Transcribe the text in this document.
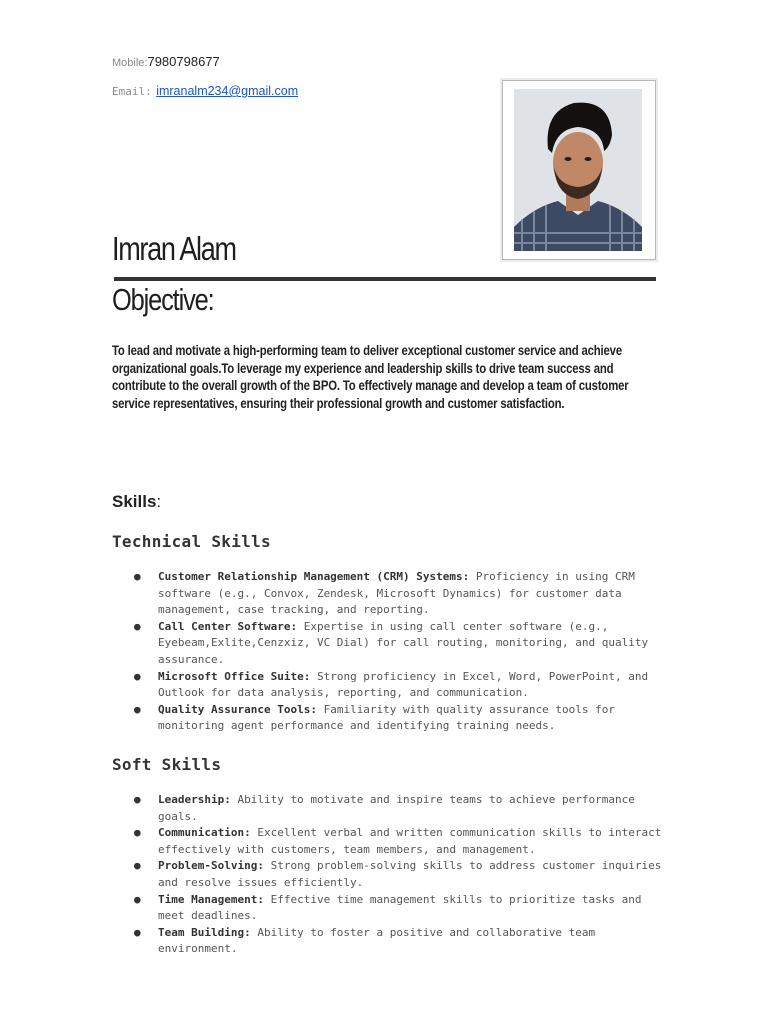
Mobile:7980798677
Email: imranalm234@gmail.com
Imran Alam
Objective:
To lead and motivate a high-performing team to deliver exceptional customer service and achieve organizational goals.To leverage my experience and leadership skills to drive team success and contribute to the overall growth of the BPO. To effectively manage and develop a team of customer service representatives, ensuring their professional growth and customer satisfaction.
Skills:
Technical Skills
● Customer Relationship Management (CRM) Systems: Proficiency in using CRM software (e.g., Convox, Zendesk, Microsoft Dynamics) for customer data management, case tracking, and reporting.
● Call Center Software: Expertise in using call center software (e.g., Eyebeam,Exlite,Cenzxiz, VC Dial) for call routing, monitoring, and quality assurance.
● Microsoft Office Suite: Strong proficiency in Excel, Word, PowerPoint, and Outlook for data analysis, reporting, and communication.
● Quality Assurance Tools: Familiarity with quality assurance tools for monitoring agent performance and identifying training needs.
Soft Skills
● Leadership: Ability to motivate and inspire teams to achieve performance goals.
● Communication: Excellent verbal and written communication skills to interact effectively with customers, team members, and management.
● Problem-Solving: Strong problem-solving skills to address customer inquiries and resolve issues efficiently.
● Time Management: Effective time management skills to prioritize tasks and meet deadlines.
● Team Building: Ability to foster a positive and collaborative team environment.
